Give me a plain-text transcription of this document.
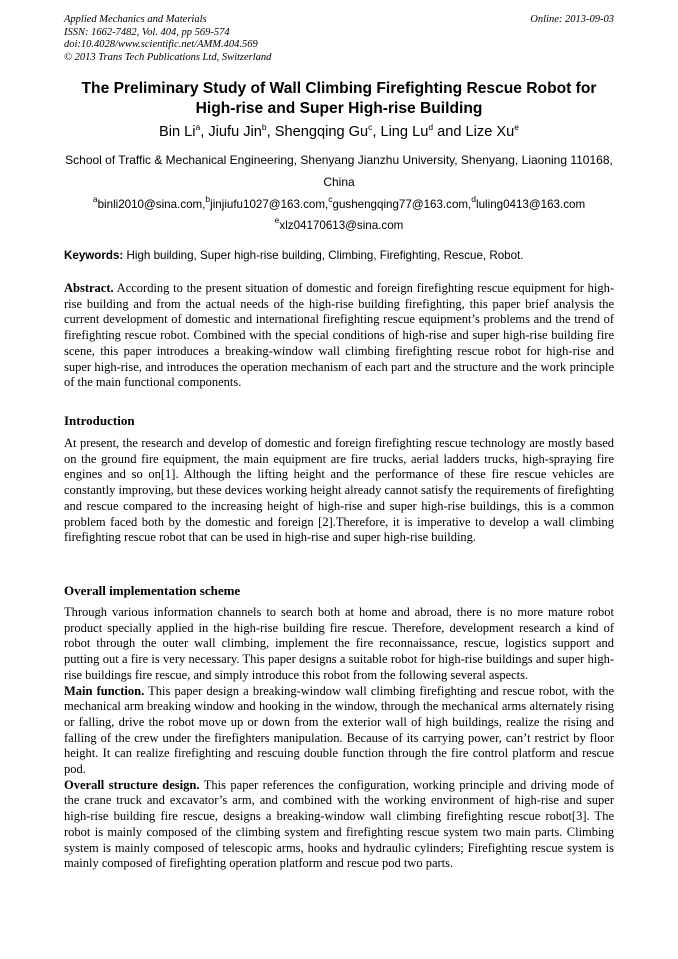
Applied Mechanics and Materials
ISSN: 1662-7482, Vol. 404, pp 569-574
doi:10.4028/www.scientific.net/AMM.404.569
© 2013 Trans Tech Publications Ltd, Switzerland
Online: 2013-09-03
The Preliminary Study of Wall Climbing Firefighting Rescue Robot for
High-rise and Super High-rise Building
Bin Li$^a$, Jiufu Jin$^b$, Shengqing Gu$^c$, Ling Lu$^d$ and Lize Xu$^e$
School of Traffic & Mechanical Engineering, Shenyang Jianzhu University, Shenyang, Liaoning 110168, China
$^a$binli2010@sina.com,$^b$jinjiufu1027@163.com,$^c$gushengqing77@163.com,$^d$luling0413@163.com
$^e$xlz04170613@sina.com
Keywords: High building, Super high-rise building, Climbing, Firefighting, Rescue, Robot.
Abstract. According to the present situation of domestic and foreign firefighting rescue equipment for high-rise building and from the actual needs of the high-rise building firefighting, this paper brief analysis the current development of domestic and international firefighting rescue equipment’s problems and the trend of firefighting rescue robot. Combined with the special conditions of high-rise and super high-rise building fire scene, this paper introduces a breaking-window wall climbing firefighting rescue robot for high-rise and super high-rise, and introduces the operation mechanism of each part and the structure and the work principle of the main functional components.
Introduction
At present, the research and develop of domestic and foreign firefighting rescue technology are mostly based on the ground fire equipment, the main equipment are fire trucks, aerial ladders trucks, high-spraying fire engines and so on[1]. Although the lifting height and the performance of these fire rescue vehicles are constantly improving, but these devices working height already cannot satisfy the requirements of firefighting and rescue compared to the increasing height of high-rise and super high-rise buildings, this is a common problem faced both by the domestic and foreign [2].Therefore, it is imperative to develop a wall climbing firefighting rescue robot that can be used in high-rise and super high-rise building.
Overall implementation scheme

Through various information channels to search both at home and abroad, there is no more mature robot product specially applied in the high-rise building fire rescue. Therefore, development research a kind of robot through the outer wall climbing, implement the fire reconnaissance, rescue, logistics support and putting out a fire is very necessary. This paper designs a suitable robot for high-rise buildings and super high-rise buildings fire rescue, and simply introduce this robot from the following several aspects.

Main function. This paper design a breaking-window wall climbing firefighting and rescue robot, with the mechanical arm breaking window and hooking in the window, through the mechanical arms alternately rising or falling, drive the robot move up or down from the exterior wall of high buildings, realize the rising and falling of the crew under the firefighters manipulation. Because of its carrying power, can’t restrict by floor height. It can realize firefighting and rescuing double function through the fire control platform and rescue pod.

Overall structure design. This paper references the configuration, working principle and driving mode of the crane truck and excavator’s arm, and combined with the working environment of high-rise and super high-rise building fire rescue, designs a breaking-window wall climbing firefighting rescue robot[3]. The robot is mainly composed of the climbing system and firefighting rescue system two main parts. Climbing system is mainly composed of telescopic arms, hooks and hydraulic cylinders; Firefighting rescue system is mainly composed of firefighting operation platform and rescue pod two parts.
